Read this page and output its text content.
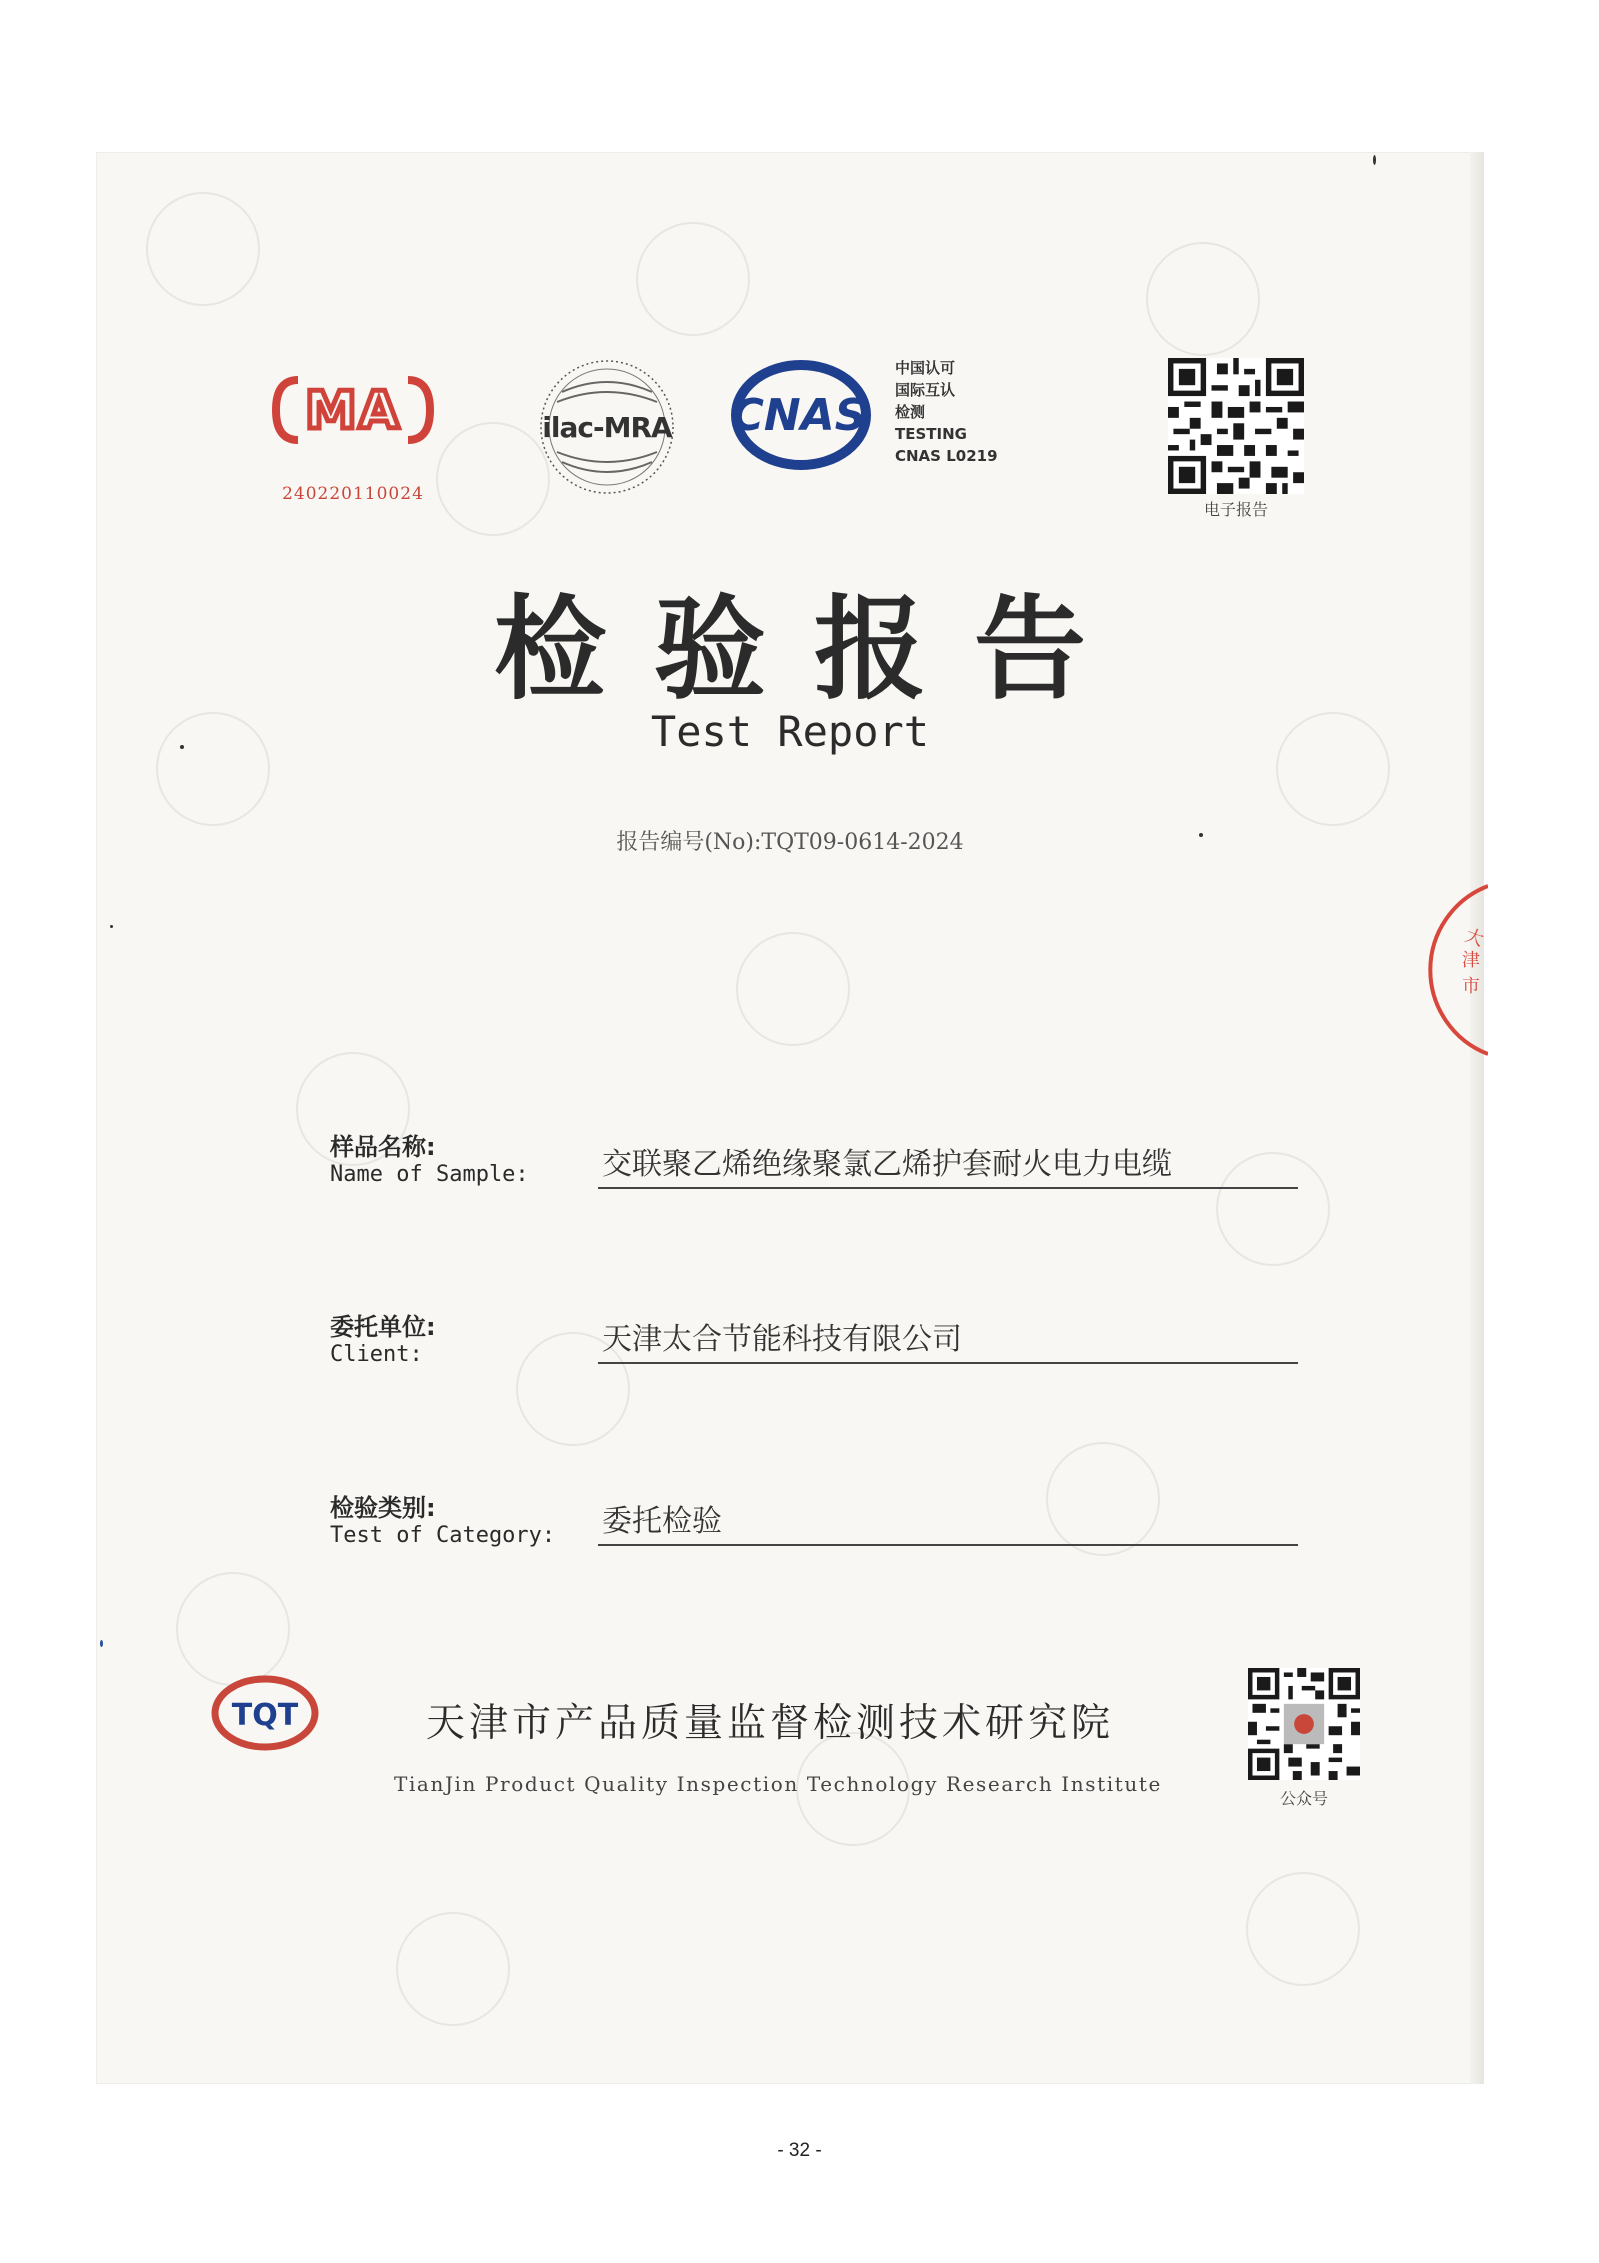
MA
240220110024
ilac-MRA CNAS
中国认可
国际互认
检测
TESTING
CNAS L0219
电子报告
检验报告
Test Report
报告编号(No):TQT09-0614-2024
大
津
市
样品名称:
Name of Sample: 交联聚乙烯绝缘聚氯乙烯护套耐火电力电缆
委托单位:
Client:	天津太合节能科技有限公司
检验类别:
Test of Category: 委托检验
TQT	天津市产品质量监督检测技术研究院
TianJin Product Quality Inspection Technology Research Institute
公众号
- 32 -
